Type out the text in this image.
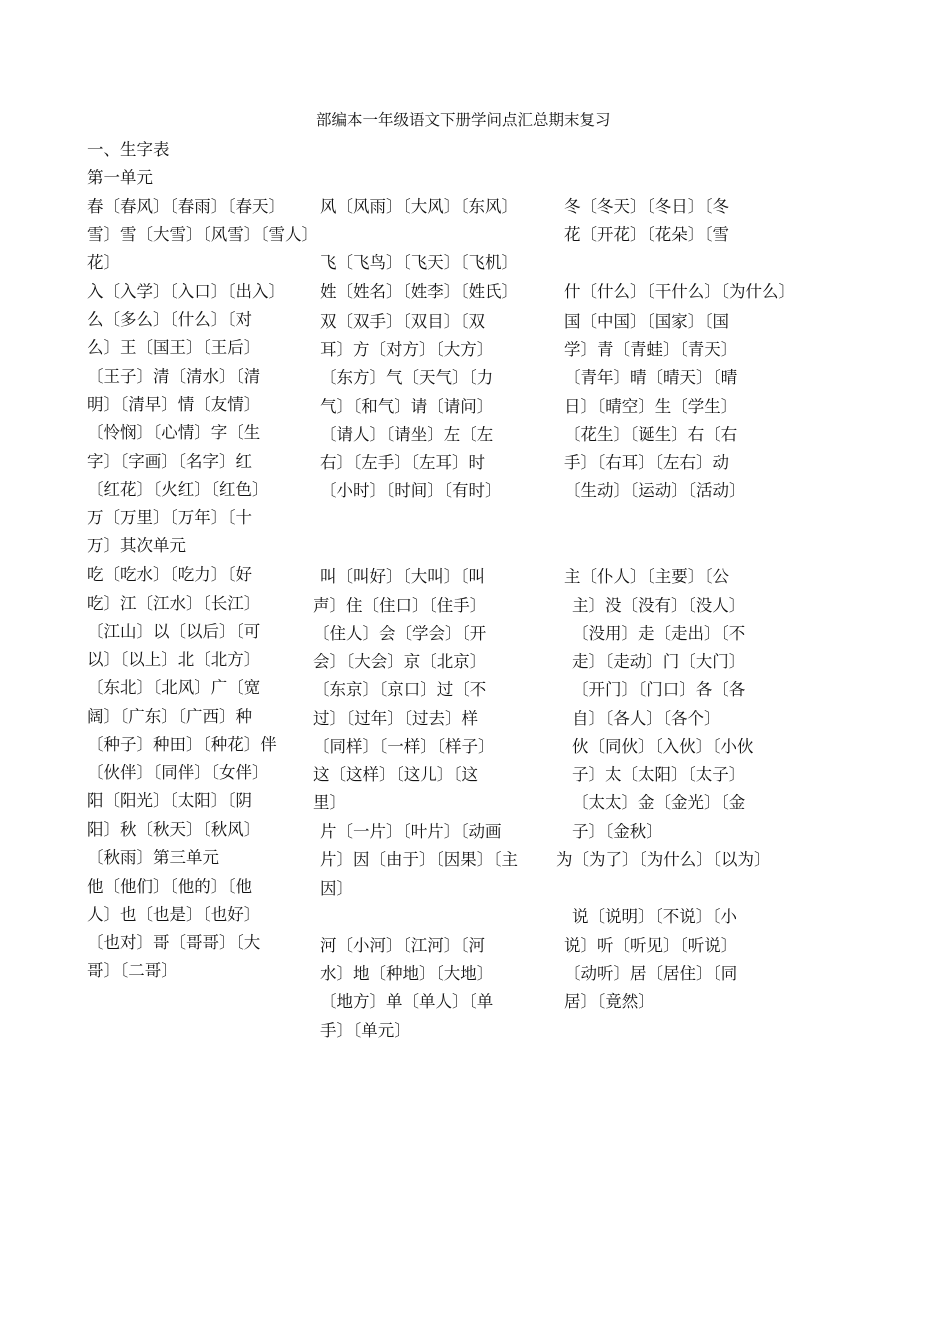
部编本一年级语文下册学问点汇总期末复习
一、生字表
第一单元
春〔春风〕〔春雨〕〔春天〕
雪〕雪〔大雪〕〔风雪〕〔雪人〕
花〕
入〔入学〕〔入口〕〔出入〕
么〔多么〕〔什么〕〔对
么〕王〔国王〕〔王后〕
〔王子〕清〔清水〕〔清
明〕〔清早〕情〔友情〕
〔怜悯〕〔心情〕字〔生
字〕〔字画〕〔名字〕红
〔红花〕〔火红〕〔红色〕
万〔万里〕〔万年〕〔十
万〕其次单元
吃〔吃水〕〔吃力〕〔好
吃〕江〔江水〕〔长江〕
〔江山〕以〔以后〕〔可
以〕〔以上〕北〔北方〕
〔东北〕〔北风〕广〔宽
阔〕〔广东〕〔广西〕种
〔种子〕种田〕〔种花〕伴
〔伙伴〕〔同伴〕〔女伴〕
阳〔阳光〕〔太阳〕〔阴
阳〕秋〔秋天〕〔秋风〕
〔秋雨〕第三单元
他〔他们〕〔他的〕〔他
人〕也〔也是〕〔也好〕
〔也对〕哥〔哥哥〕〔大
哥〕〔二哥〕
风〔风雨〕〔大风〕〔东风〕
飞〔飞鸟〕〔飞天〕〔飞机〕
姓〔姓名〕〔姓李〕〔姓氏〕
双〔双手〕〔双目〕〔双
耳〕方〔对方〕〔大方〕
〔东方〕气〔天气〕〔力
气〕〔和气〕请〔请问〕
〔请人〕〔请坐〕左〔左
右〕〔左手〕〔左耳〕时
〔小时〕〔时间〕〔有时〕
叫〔叫好〕〔大叫〕〔叫
声〕住〔住口〕〔住手〕
〔住人〕会〔学会〕〔开
会〕〔大会〕京〔北京〕
〔东京〕〔京口〕过〔不
过〕〔过年〕〔过去〕样
〔同样〕〔一样〕〔样子〕
这〔这样〕〔这儿〕〔这
里〕
片〔一片〕〔叶片〕〔动画
片〕因〔由于〕〔因果〕〔主
因〕
河〔小河〕〔江河〕〔河
水〕地〔种地〕〔大地〕
〔地方〕单〔单人〕〔单
手〕〔单元〕
冬〔冬天〕〔冬日〕〔冬
花〔开花〕〔花朵〕〔雪
什〔什么〕〔干什么〕〔为什么〕
国〔中国〕〔国家〕〔国
学〕青〔青蛙〕〔青天〕
〔青年〕晴〔晴天〕〔晴
日〕〔晴空〕生〔学生〕
〔花生〕〔诞生〕右〔右
手〕〔右耳〕〔左右〕动
〔生动〕〔运动〕〔活动〕
主〔仆人〕〔主要〕〔公
主〕没〔没有〕〔没人〕
〔没用〕走〔走出〕〔不
走〕〔走动〕门〔大门〕
〔开门〕〔门口〕各〔各
自〕〔各人〕〔各个〕
伙〔同伙〕〔入伙〕〔小伙
子〕太〔太阳〕〔太子〕
〔太太〕金〔金光〕〔金
子〕〔金秋〕
为〔为了〕〔为什么〕〔以为〕
说〔说明〕〔不说〕〔小
说〕听〔听见〕〔听说〕
〔动听〕居〔居住〕〔同
居〕〔竟然〕
